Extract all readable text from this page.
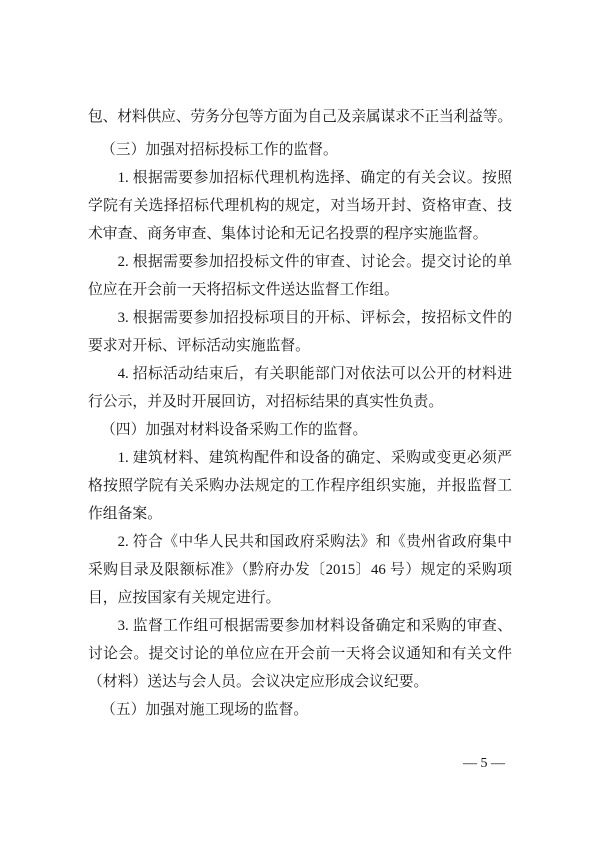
包、材料供应、劳务分包等方面为自己及亲属谋求不正当利益等。
（三）加强对招标投标工作的监督。
1. 根据需要参加招标代理机构选择、确定的有关会议。按照
学院有关选择招标代理机构的规定，对当场开封、资格审查、技
术审查、商务审查、集体讨论和无记名投票的程序实施监督。
2. 根据需要参加招投标文件的审查、讨论会。提交讨论的单
位应在开会前一天将招标文件送达监督工作组。
3. 根据需要参加招投标项目的开标、评标会，按招标文件的
要求对开标、评标活动实施监督。
4. 招标活动结束后，有关职能部门对依法可以公开的材料进
行公示，并及时开展回访，对招标结果的真实性负责。
（四）加强对材料设备采购工作的监督。
1. 建筑材料、建筑构配件和设备的确定、采购或变更必须严
格按照学院有关采购办法规定的工作程序组织实施，并报监督工
作组备案。
2. 符合《中华人民共和国政府采购法》和《贵州省政府集中
采购目录及限额标准》（黔府办发〔2015〕46 号）规定的采购项
目，应按国家有关规定进行。
3. 监督工作组可根据需要参加材料设备确定和采购的审查、
讨论会。提交讨论的单位应在开会前一天将会议通知和有关文件
（材料）送达与会人员。会议决定应形成会议纪要。
（五）加强对施工现场的监督。
— 5 —
